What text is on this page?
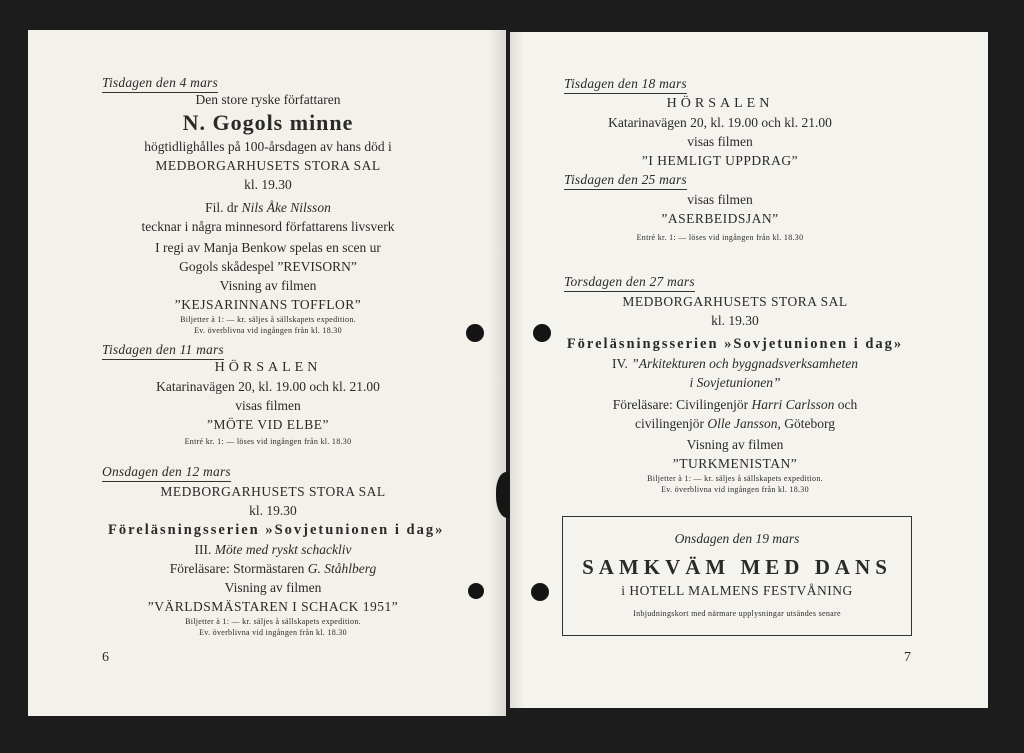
Tisdagen den 4 mars
Den store ryske författaren
N. Gogols minne
högtidlighålles på 100-årsdagen av hans död i
MEDBORGARHUSETS STORA SAL
kl. 19.30
Fil. dr Nils Åke Nilsson
tecknar i några minnesord författarens livsverk
I regi av Manja Benkow spelas en scen ur
Gogols skådespel ”REVISORN”
Visning av filmen
”KEJSARINNANS TOFFLOR”
Biljetter à 1: — kr. säljes å sällskapets expedition.
Ev. överblivna vid ingången från kl. 18.30
Tisdagen den 11 mars
HÖRSALEN
Katarinavägen 20, kl. 19.00 och kl. 21.00
visas filmen
”MÖTE VID ELBE”
Entré kr. 1: — löses vid ingången från kl. 18.30
Onsdagen den 12 mars
MEDBORGARHUSETS STORA SAL
kl. 19.30
Föreläsningsserien »Sovjetunionen i dag»
III. Möte med ryskt schackliv
Föreläsare: Stormästaren G. Ståhlberg
Visning av filmen
”VÄRLDSMÄSTAREN I SCHACK 1951”
Biljetter à 1: — kr. säljes å sällskapets expedition.
Ev. överblivna vid ingången från kl. 18.30
6
Tisdagen den 18 mars
HÖRSALEN
Katarinavägen 20, kl. 19.00 och kl. 21.00
visas filmen
”I HEMLIGT UPPDRAG”
Tisdagen den 25 mars
visas filmen
”ASERBEIDSJAN”
Entré kr. 1: — löses vid ingången från kl. 18.30
Torsdagen den 27 mars
MEDBORGARHUSETS STORA SAL
kl. 19.30
Föreläsningsserien »Sovjetunionen i dag»
IV. ”Arkitekturen och byggnadsverksamheten
i Sovjetunionen”
Föreläsare: Civilingenjör Harri Carlsson och
civilingenjör Olle Jansson, Göteborg
Visning av filmen
”TURKMENISTAN”
Biljetter à 1: — kr. säljes å sällskapets expedition.
Ev. överblivna vid ingången från kl. 18.30
Onsdagen den 19 mars
SAMKVÄM MED DANS
i HOTELL MALMENS FESTVÅNING
Inbjudningskort med närmare upplysningar utsändes senare
7
